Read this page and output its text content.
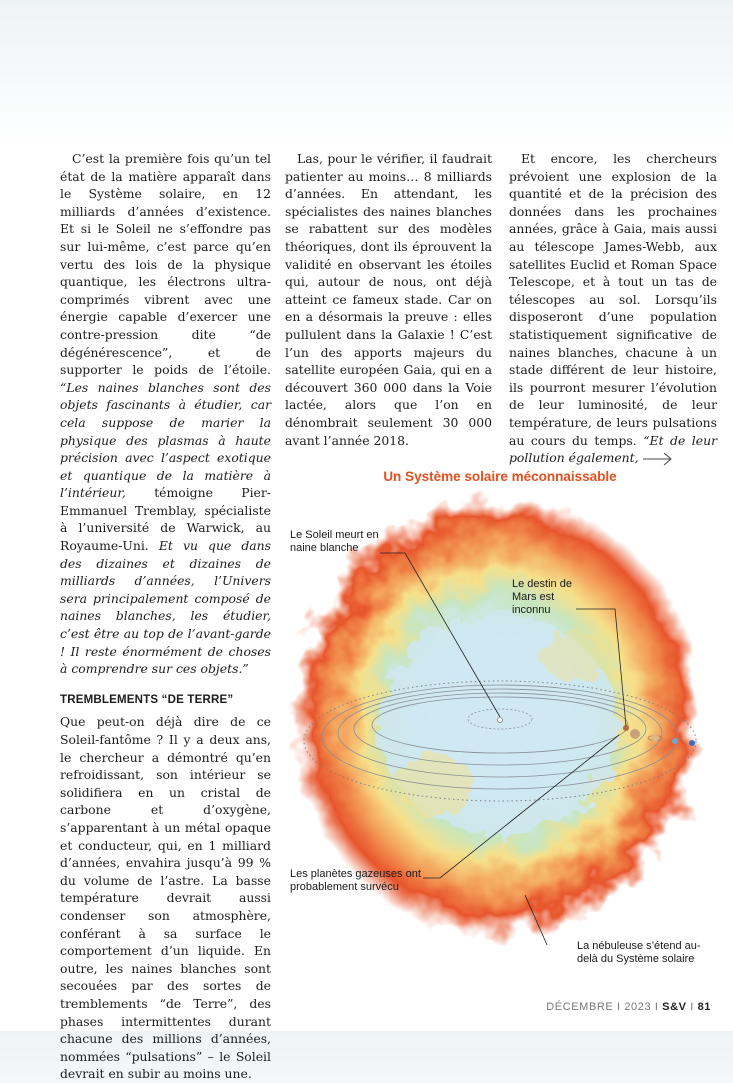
C’est la première fois qu’un tel état de la matière apparaît dans le Système solaire, en 12 milliards d’années d’existence. Et si le Soleil ne s’effondre pas sur lui-même, c’est parce qu’en vertu des lois de la physique quantique, les électrons ultra-comprimés vibrent avec une énergie capable d’exercer une contre-pression dite “de dégénérescence”, et de supporter le poids de l’étoile. “Les naines blanches sont des objets fascinants à étudier, car cela suppose de marier la physique des plasmas à haute précision avec l’aspect exotique et quantique de la matière à l’intérieur, témoigne Pier-Emmanuel Tremblay, spécialiste à l’université de Warwick, au Royaume-Uni. Et vu que dans des dizaines et dizaines de milliards d’années, l’Univers sera principalement composé de naines blanches, les étudier, c’est être au top de l’avant-garde ! Il reste énormément de choses à comprendre sur ces objets.”

TREMBLEMENTS “DE TERRE”

Que peut-on déjà dire de ce Soleil-fantôme ? Il y a deux ans, le chercheur a démontré qu’en refroidissant, son intérieur se solidifiera en un cristal de carbone et d’oxygène, s’apparentant à un métal opaque et conducteur, qui, en 1 milliard d’années, envahira jusqu’à 99 % du volume de l’astre. La basse température devrait aussi condenser son atmosphère, conférant à sa surface le comportement d’un liquide. En outre, les naines blanches sont secouées par des sortes de tremblements “de Terre”, des phases intermittentes durant chacune des millions d’années, nommées “pulsations” – le Soleil devrait en subir au moins une.

Las, pour le vérifier, il faudrait patienter au moins… 8 milliards d’années. En attendant, les spécialistes des naines blanches se rabattent sur des modèles théoriques, dont ils éprouvent la validité en observant les étoiles qui, autour de nous, ont déjà atteint ce fameux stade. Car on en a désormais la preuve : elles pullulent dans la Galaxie ! C’est l’un des apports majeurs du satellite européen Gaia, qui en a découvert 360 000 dans la Voie lactée, alors que l’on en dénombrait seulement 30 000 avant l’année 2018.

Et encore, les chercheurs prévoient une explosion de la quantité et de la précision des données dans les prochaines années, grâce à Gaia, mais aussi au télescope James-Webb, aux satellites Euclid et Roman Space Telescope, et à tout un tas de télescopes au sol. Lorsqu’ils disposeront d’une population statistiquement significative de naines blanches, chacune à un stade différent de leur histoire, ils pourront mesurer l’évolution de leur luminosité, de leur température, de leurs pulsations au cours du temps. “Et de leur pollution également,

Un Système solaire méconnaissable
Le Soleil meurt en naine blanche
Le destin de Mars est inconnu
Les planètes gazeuses ont probablement survécu
La nébuleuse s’étend au-delà du Système solaire
DÉCEMBRE I 2023 I S&V I 81
